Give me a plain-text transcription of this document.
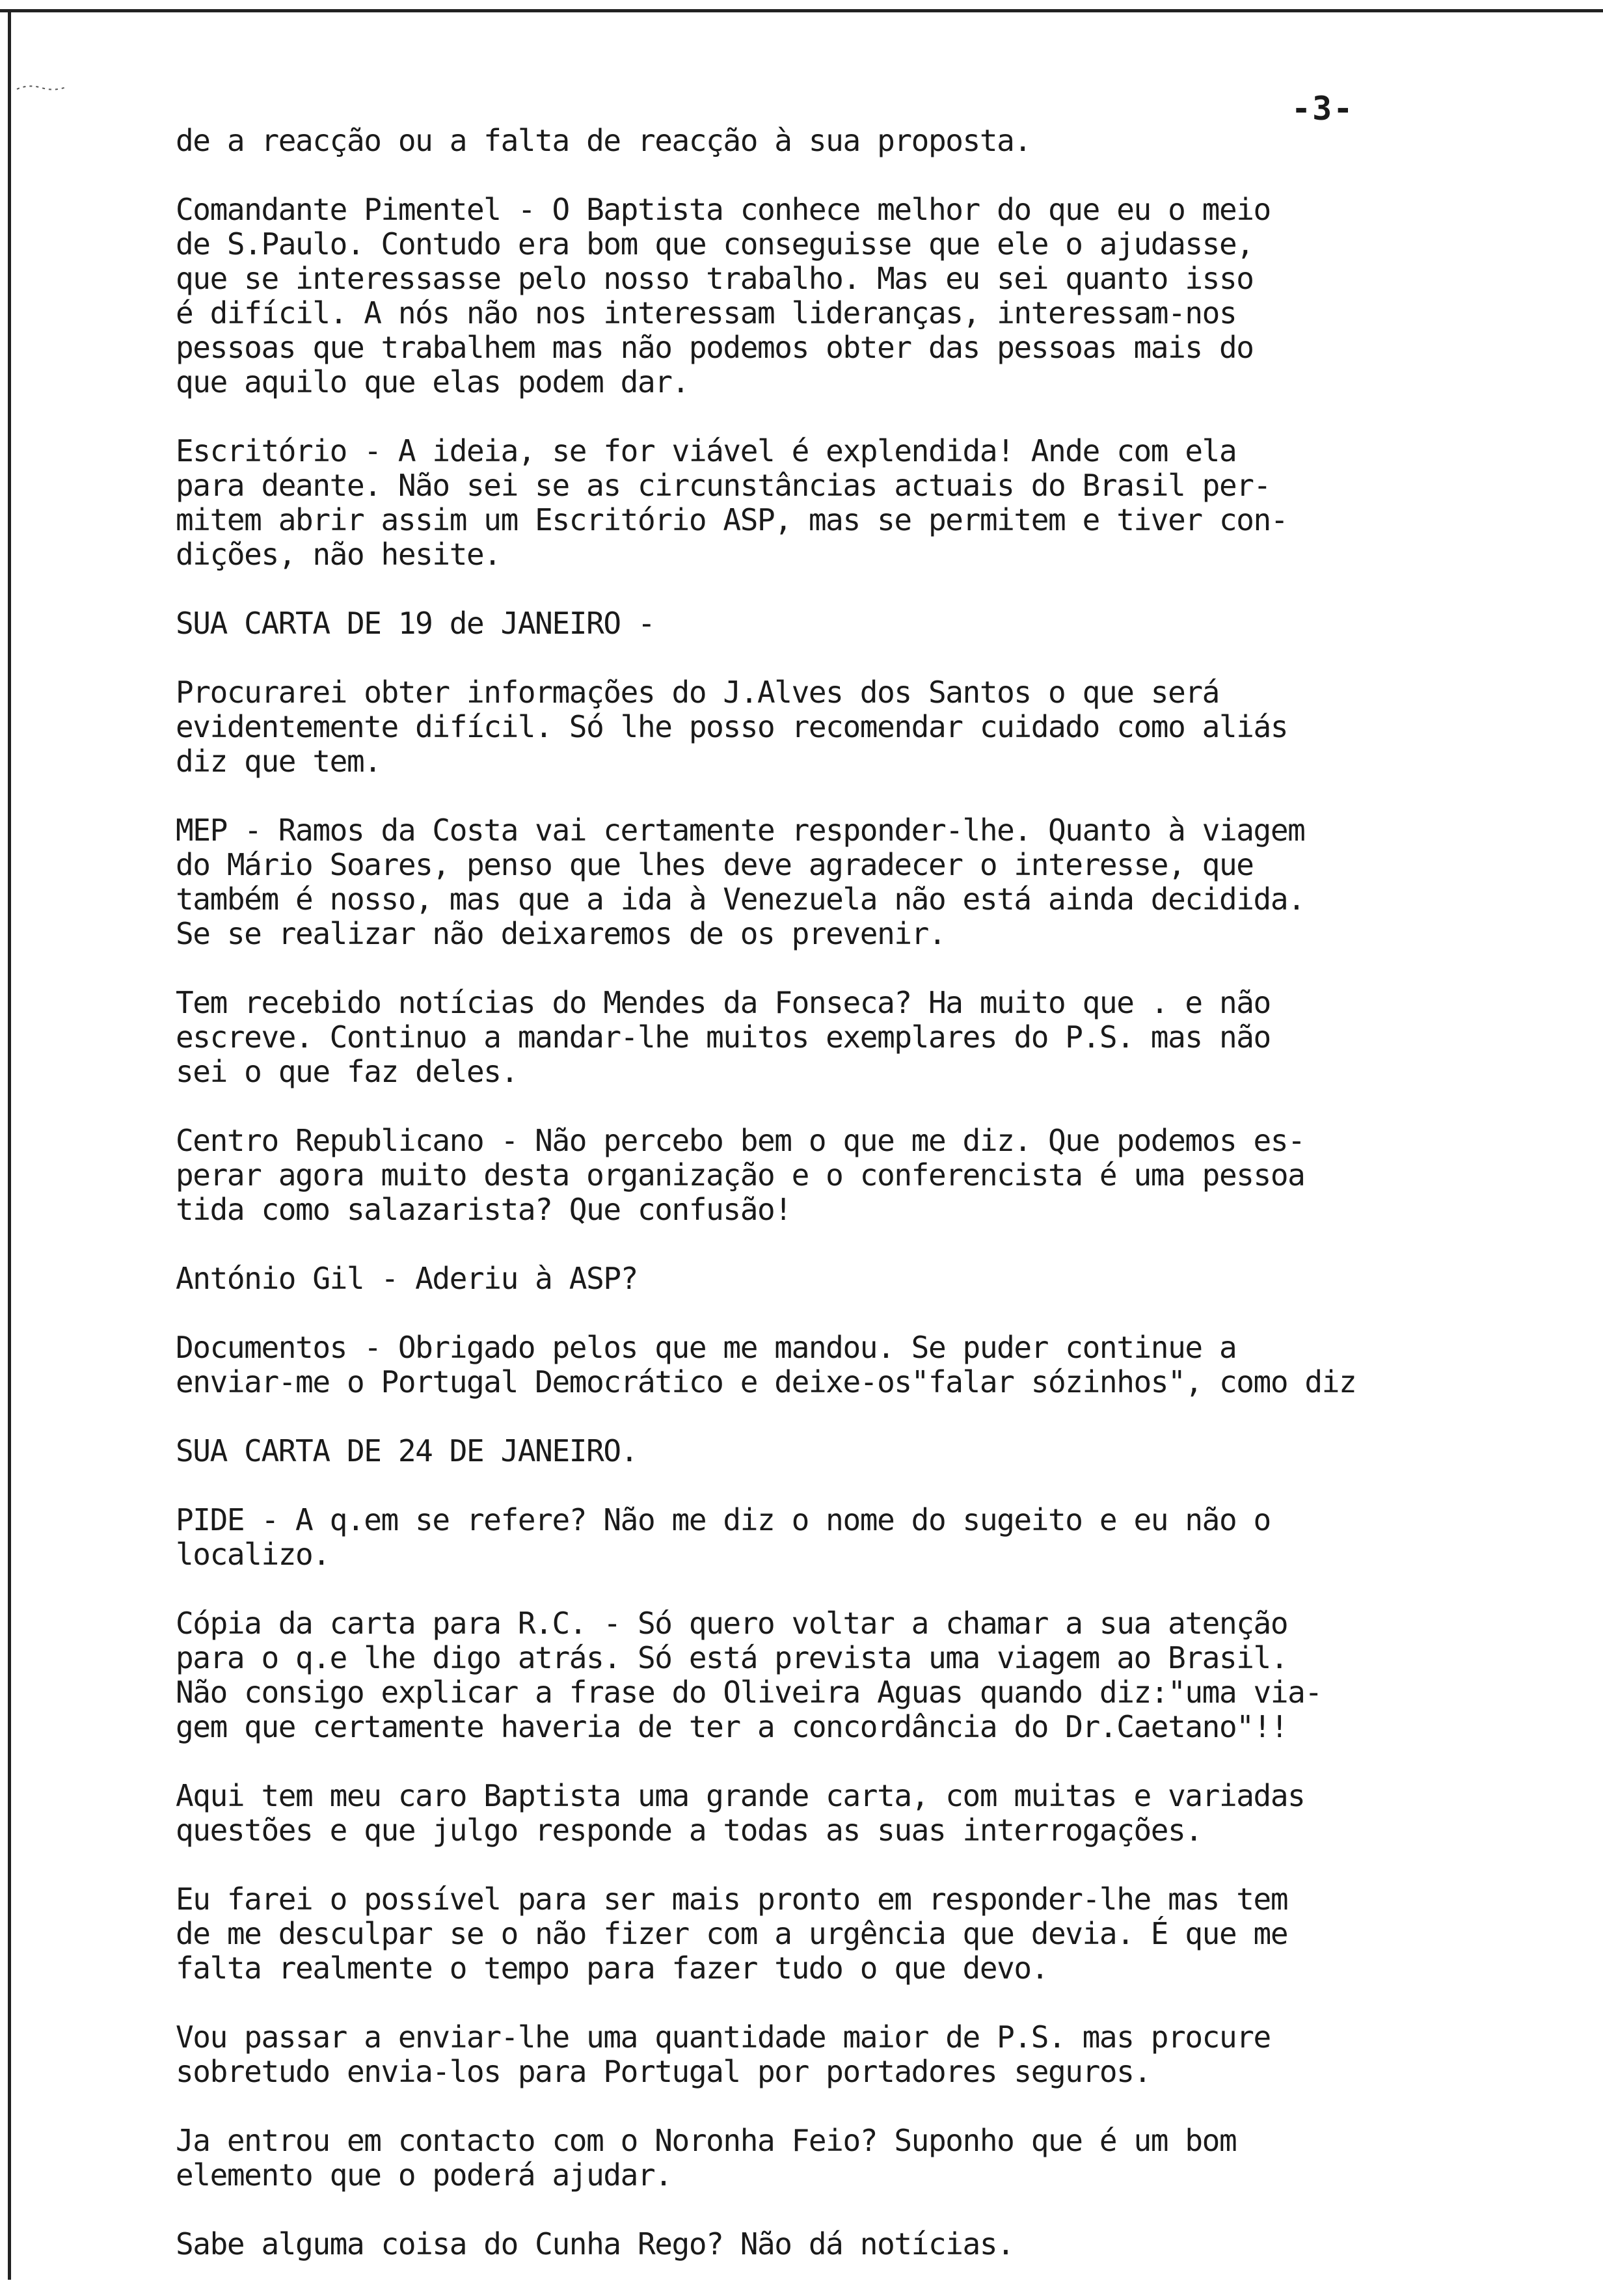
-3-
de a reacção ou a falta de reacção à sua proposta.
Comandante Pimentel - O Baptista conhece melhor do que eu o meio
de S.Paulo. Contudo era bom que conseguisse que ele o ajudasse,
que se interessasse pelo nosso trabalho. Mas eu sei quanto isso
é difícil. A nós não nos interessam lideranças, interessam-nos
pessoas que trabalhem mas não podemos obter das pessoas mais do
que aquilo que elas podem dar.
Escritório - A ideia, se for viável é explendida! Ande com ela
para deante. Não sei se as circunstâncias actuais do Brasil per-
mitem abrir assim um Escritório ASP, mas se permitem e tiver con-
dições, não hesite.
SUA CARTA DE 19 de JANEIRO -
Procurarei obter informações do J.Alves dos Santos o que será
evidentemente difícil. Só lhe posso recomendar cuidado como aliás
diz que tem.
MEP - Ramos da Costa vai certamente responder-lhe. Quanto à viagem
do Mário Soares, penso que lhes deve agradecer o interesse, que
também é nosso, mas que a ida à Venezuela não está ainda decidida.
Se se realizar não deixaremos de os prevenir.
Tem recebido notícias do Mendes da Fonseca? Ha muito que . e não
escreve. Continuo a mandar-lhe muitos exemplares do P.S. mas não
sei o que faz deles.
Centro Republicano - Não percebo bem o que me diz. Que podemos es-
perar agora muito desta organização e o conferencista é uma pessoa
tida como salazarista? Que confusão!
António Gil - Aderiu à ASP?
Documentos - Obrigado pelos que me mandou. Se puder continue a
enviar-me o Portugal Democrático e deixe-os"falar sózinhos", como diz
SUA CARTA DE 24 DE JANEIRO.
PIDE - A q.em se refere? Não me diz o nome do sugeito e eu não o
localizo.
Cópia da carta para R.C. - Só quero voltar a chamar a sua atenção
para o q.e lhe digo atrás. Só está prevista uma viagem ao Brasil.
Não consigo explicar a frase do Oliveira Aguas quando diz:"uma via-
gem que certamente haveria de ter a concordância do Dr.Caetano"!!
Aqui tem meu caro Baptista uma grande carta, com muitas e variadas
questões e que julgo responde a todas as suas interrogações.
Eu farei o possível para ser mais pronto em responder-lhe mas tem
de me desculpar se o não fizer com a urgência que devia. É que me
falta realmente o tempo para fazer tudo o que devo.
Vou passar a enviar-lhe uma quantidade maior de P.S. mas procure
sobretudo envia-los para Portugal por portadores seguros.
Ja entrou em contacto com o Noronha Feio? Suponho que é um bom
elemento que o poderá ajudar.
Sabe alguma coisa do Cunha Rego? Não dá notícias.
